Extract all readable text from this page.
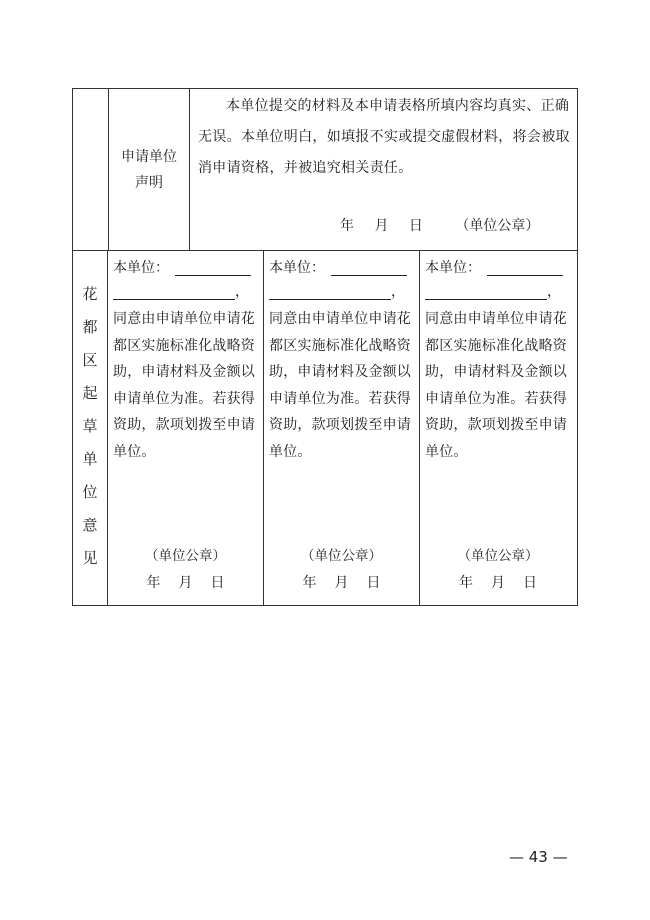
申请单位
声明
本单位提交的材料及本申请表格所填内容均真实、正确无误。本单位明白，如填报不实或提交虚假材料，将会被取消申请资格，并被追究相关责任。
年 月 日 （单位公章）
花
都
区
起
草
单
位
意
见
本单位：
，
同意由申请单位申请花都区实施标准化战略资助，申请材料及金额以申请单位为准。若获得资助，款项划拨至申请单位。
（单位公章）
年 月 日
本单位：
，
同意由申请单位申请花都区实施标准化战略资助，申请材料及金额以申请单位为准。若获得资助，款项划拨至申请单位。
（单位公章）
年 月 日
本单位：
，
同意由申请单位申请花都区实施标准化战略资助，申请材料及金额以申请单位为准。若获得资助，款项划拨至申请单位。
（单位公章）
年 月 日
— 43 —
